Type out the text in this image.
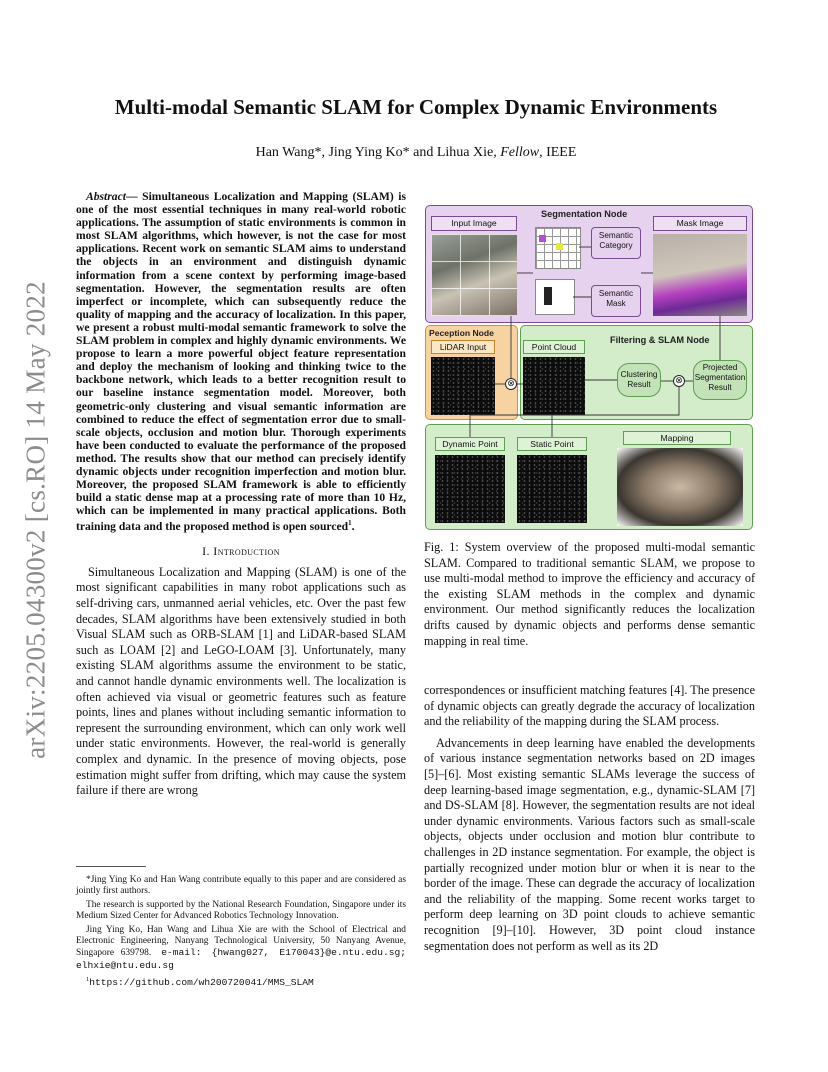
arXiv:2205.04300v2 [cs.RO] 14 May 2022
Multi-modal Semantic SLAM for Complex Dynamic Environments
Han Wang*, Jing Ying Ko* and Lihua Xie, Fellow, IEEE

Abstract— Simultaneous Localization and Mapping (SLAM) is one of the most essential techniques in many real-world robotic applications. The assumption of static environments is common in most SLAM algorithms, which however, is not the case for most applications. Recent work on semantic SLAM aims to understand the objects in an environment and distinguish dynamic information from a scene context by performing image-based segmentation. However, the segmentation results are often imperfect or incomplete, which can subsequently reduce the quality of mapping and the accuracy of localization. In this paper, we present a robust multi-modal semantic framework to solve the SLAM problem in complex and highly dynamic environments. We propose to learn a more powerful object feature representation and deploy the mechanism of looking and thinking twice to the backbone network, which leads to a better recognition result to our baseline instance segmentation model. Moreover, both geometric-only clustering and visual semantic information are combined to reduce the effect of segmentation error due to small-scale objects, occlusion and motion blur. Thorough experiments have been conducted to evaluate the performance of the proposed method. The results show that our method can precisely identify dynamic objects under recognition imperfection and motion blur. Moreover, the proposed SLAM framework is able to efficiently build a static dense map at a processing rate of more than 10 Hz, which can be implemented in many practical applications. Both training data and the proposed method is open sourced$^1$.

I. Introduction

Simultaneous Localization and Mapping (SLAM) is one of the most significant capabilities in many robot applications such as self-driving cars, unmanned aerial vehicles, etc. Over the past few decades, SLAM algorithms have been extensively studied in both Visual SLAM such as ORB-SLAM [1] and LiDAR-based SLAM such as LOAM [2] and LeGO-LOAM [3]. Unfortunately, many existing SLAM algorithms assume the environment to be static, and cannot handle dynamic environments well. The localization is often achieved via visual or geometric features such as feature points, lines and planes without including semantic information to represent the surrounding environment, which can only work well under static environments. However, the real-world is generally complex and dynamic. In the presence of moving objects, pose estimation might suffer from drifting, which may cause the system failure if there are wrong

*Jing Ying Ko and Han Wang contribute equally to this paper and are considered as jointly first authors.

The research is supported by the National Research Foundation, Singapore under its Medium Sized Center for Advanced Robotics Technology Innovation.

Jing Ying Ko, Han Wang and Lihua Xie are with the School of Electrical and Electronic Engineering, Nanyang Technological University, 50 Nanyang Avenue, Singapore 639798. e-mail: {hwang027, E170043}@e.ntu.edu.sg; elhxie@ntu.edu.sg

$^1$https://github.com/wh200720041/MMS_SLAM

Segmentation Node
Input Image	Mask Image
Semantic Category
Semantic Mask
Peception Node
LiDAR Input
Filtering & SLAM Node
Point Cloud
Clustering Result
Projected Segmentation Result
⊗
⊗
Dynamic Point	Static Point
Mapping

Fig. 1: System overview of the proposed multi-modal semantic SLAM. Compared to traditional semantic SLAM, we propose to use multi-modal method to improve the efficiency and accuracy of the existing SLAM methods in the complex and dynamic environment. Our method significantly reduces the localization drifts caused by dynamic objects and performs dense semantic mapping in real time.

correspondences or insufficient matching features [4]. The presence of dynamic objects can greatly degrade the accuracy of localization and the reliability of the mapping during the SLAM process.

Advancements in deep learning have enabled the developments of various instance segmentation networks based on 2D images [5]–[6]. Most existing semantic SLAMs leverage the success of deep learning-based image segmentation, e.g., dynamic-SLAM [7] and DS-SLAM [8]. However, the segmentation results are not ideal under dynamic environments. Various factors such as small-scale objects, objects under occlusion and motion blur contribute to challenges in 2D instance segmentation. For example, the object is partially recognized under motion blur or when it is near to the border of the image. These can degrade the accuracy of localization and the reliability of the mapping. Some recent works target to perform deep learning on 3D point clouds to achieve semantic recognition [9]–[10]. However, 3D point cloud instance segmentation does not perform as well as its 2D
